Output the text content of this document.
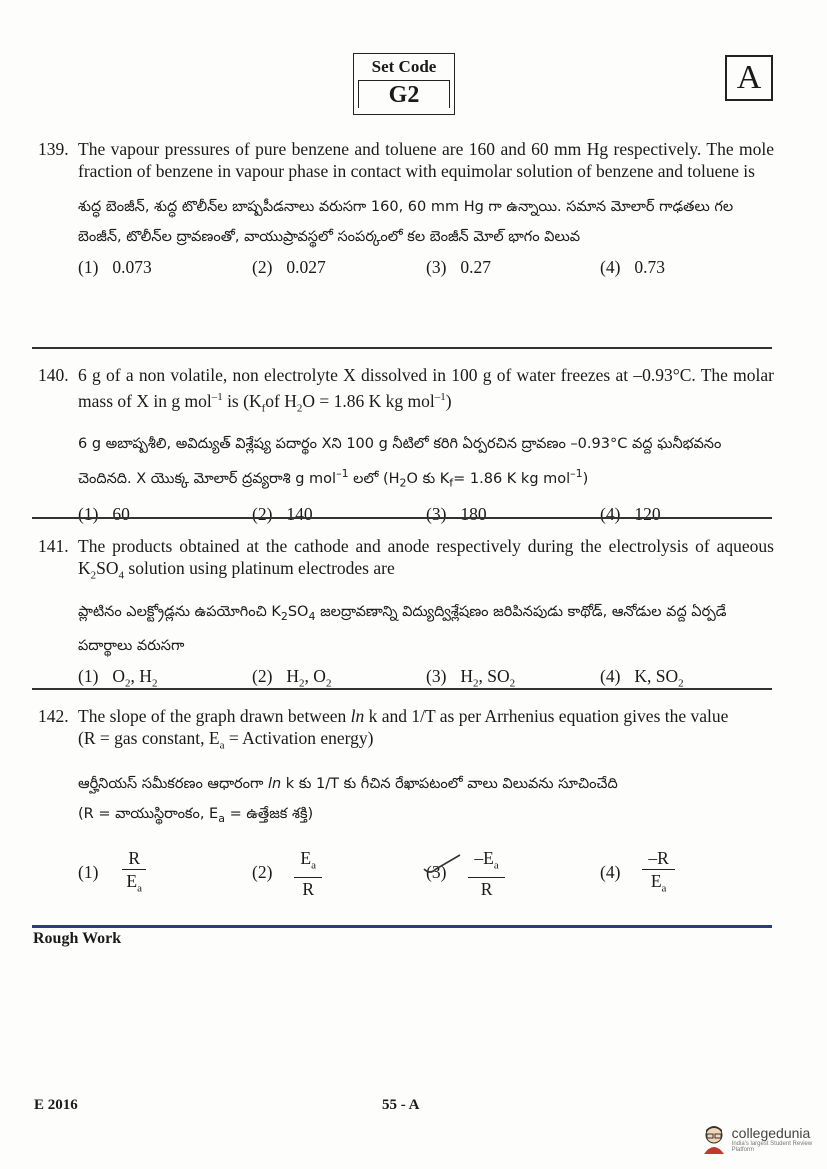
Set Code
G2	A
139. The vapour pressures of pure benzene and toluene are 160 and 60 mm Hg respectively. The mole fraction of benzene in vapour phase in contact with equimolar solution of benzene and toluene is
శుద్ధ బెంజీన్, శుద్ధ టొలీన్‌ల బాష్పపీడనాలు వరుసగా 160, 60 mm Hg గా ఉన్నాయి. సమాన మోలార్ గాఢతలు గల బెంజీన్, టొలీన్‌ల ద్రావణంతో, వాయుప్రావస్థలో సంపర్కంలో కల బెంజీన్ మోల్ భాగం విలువ
(1) 0.073	(2) 0.027	(3) 0.27	(4) 0.73
140. 6 g of a non volatile, non electrolyte X dissolved in 100 g of water freezes at –0.93°C. The molar mass of X in g mol$^{-1}$ is ($K_fof$ $H_2O = 1.86$ K kg mol$^{-1}$)
6 g అబాష్పశీలి, అవిద్యుత్ విశ్లేష్య పదార్థం Xని 100 g నీటిలో కరిగి ఏర్పరచిన ద్రావణం –0.93°C వద్ద ఘనీభవనం చెందినది. X యొక్క మోలార్ ద్రవ్యరాశి g mol$^{-1}$ లలో ($H_2O$ కు $K_f= 1.86$ K kg mol$^{-1}$)
(1) 60	(2) 140	(3) 180	(4) 120
141. The products obtained at the cathode and anode respectively during the electrolysis of aqueous $K_2SO_4$ solution using platinum electrodes are
ప్లాటినం ఎలక్ట్రోడ్లను ఉపయోగించి $K_2SO_4$ జలద్రావణాన్ని విద్యుద్విశ్లేషణం జరిపినపుడు కాథోడ్, ఆనోడుల వద్ద ఏర్పడే పదార్థాలు వరుసగా
(1) $O_2$, $H_2$	(2) $H_2$, $O_2$	(3) $H_2$, $SO_2$	(4) K, $SO_2$
142. The slope of the graph drawn between ln k and 1/T as per Arrhenius equation gives the value
(R = gas constant, $E_a$ = Activation energy)
ఆర్హీనియస్ సమీకరణం ఆధారంగా ln k కు 1/T కు గీచిన రేఖాపటంలో వాలు విలువను సూచించేది
(R = వాయుస్థిరాంకం, $E_a$ = ఉత్తేజక శక్తి)
$(1) \frac{R}{E_a}$	$(2) \frac{E_a}{R}$	$(3) \frac{-E_a}{R}$	$(4) \frac{-R}{E_a}$
Rough Work
E 2016	55 - A
collegedunia
India's largest Student Review Platform
